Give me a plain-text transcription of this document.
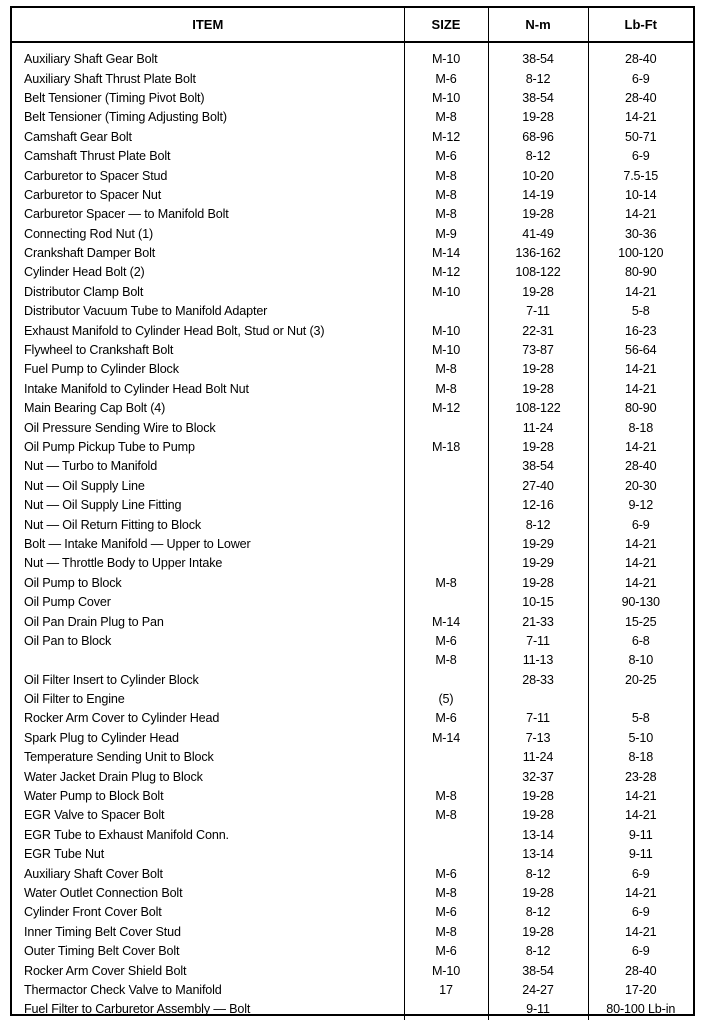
ITEM	SIZE	N-m	Lb-Ft
Auxiliary Shaft Gear Bolt	M-10	38-54	28-40
Auxiliary Shaft Thrust Plate Bolt	M-6	8-12	6-9
Belt Tensioner (Timing Pivot Bolt)	M-10	38-54	28-40
Belt Tensioner (Timing Adjusting Bolt)	M-8	19-28	14-21
Camshaft Gear Bolt	M-12	68-96	50-71
Camshaft Thrust Plate Bolt	M-6	8-12	6-9
Carburetor to Spacer Stud	M-8	10-20	7.5-15
Carburetor to Spacer Nut	M-8	14-19	10-14
Carburetor Spacer — to Manifold Bolt	M-8	19-28	14-21
Connecting Rod Nut (1)	M-9	41-49	30-36
Crankshaft Damper Bolt	M-14	136-162	100-120
Cylinder Head Bolt (2)	M-12	108-122	80-90
Distributor Clamp Bolt	M-10	19-28	14-21
Distributor Vacuum Tube to Manifold Adapter		7-11	5-8
Exhaust Manifold to Cylinder Head Bolt, Stud or Nut (3)	M-10	22-31	16-23
Flywheel to Crankshaft Bolt	M-10	73-87	56-64
Fuel Pump to Cylinder Block	M-8	19-28	14-21
Intake Manifold to Cylinder Head Bolt Nut	M-8	19-28	14-21
Main Bearing Cap Bolt (4)	M-12	108-122	80-90
Oil Pressure Sending Wire to Block		11-24	8-18
Oil Pump Pickup Tube to Pump	M-18	19-28	14-21
Nut — Turbo to Manifold		38-54	28-40
Nut — Oil Supply Line		27-40	20-30
Nut — Oil Supply Line Fitting		12-16	9-12
Nut — Oil Return Fitting to Block		8-12	6-9
Bolt — Intake Manifold — Upper to Lower		19-29	14-21
Nut — Throttle Body to Upper Intake		19-29	14-21
Oil Pump to Block	M-8	19-28	14-21
Oil Pump Cover		10-15	90-130
Oil Pan Drain Plug to Pan	M-14	21-33	15-25
Oil Pan to Block	M-6	7-11	6-8
	M-8	11-13	8-10
Oil Filter Insert to Cylinder Block		28-33	20-25
Oil Filter to Engine	(5)		
Rocker Arm Cover to Cylinder Head	M-6	7-11	5-8
Spark Plug to Cylinder Head	M-14	7-13	5-10
Temperature Sending Unit to Block		11-24	8-18
Water Jacket Drain Plug to Block		32-37	23-28
Water Pump to Block Bolt	M-8	19-28	14-21
EGR Valve to Spacer Bolt	M-8	19-28	14-21
EGR Tube to Exhaust Manifold Conn.		13-14	9-11
EGR Tube Nut		13-14	9-11
Auxiliary Shaft Cover Bolt	M-6	8-12	6-9
Water Outlet Connection Bolt	M-8	19-28	14-21
Cylinder Front Cover Bolt	M-6	8-12	6-9
Inner Timing Belt Cover Stud	M-8	19-28	14-21
Outer Timing Belt Cover Bolt	M-6	8-12	6-9
Rocker Arm Cover Shield Bolt	M-10	38-54	28-40
Thermactor Check Valve to Manifold	17	24-27	17-20
Fuel Filter to Carburetor Assembly — Bolt		9-11	80-100 Lb-in
